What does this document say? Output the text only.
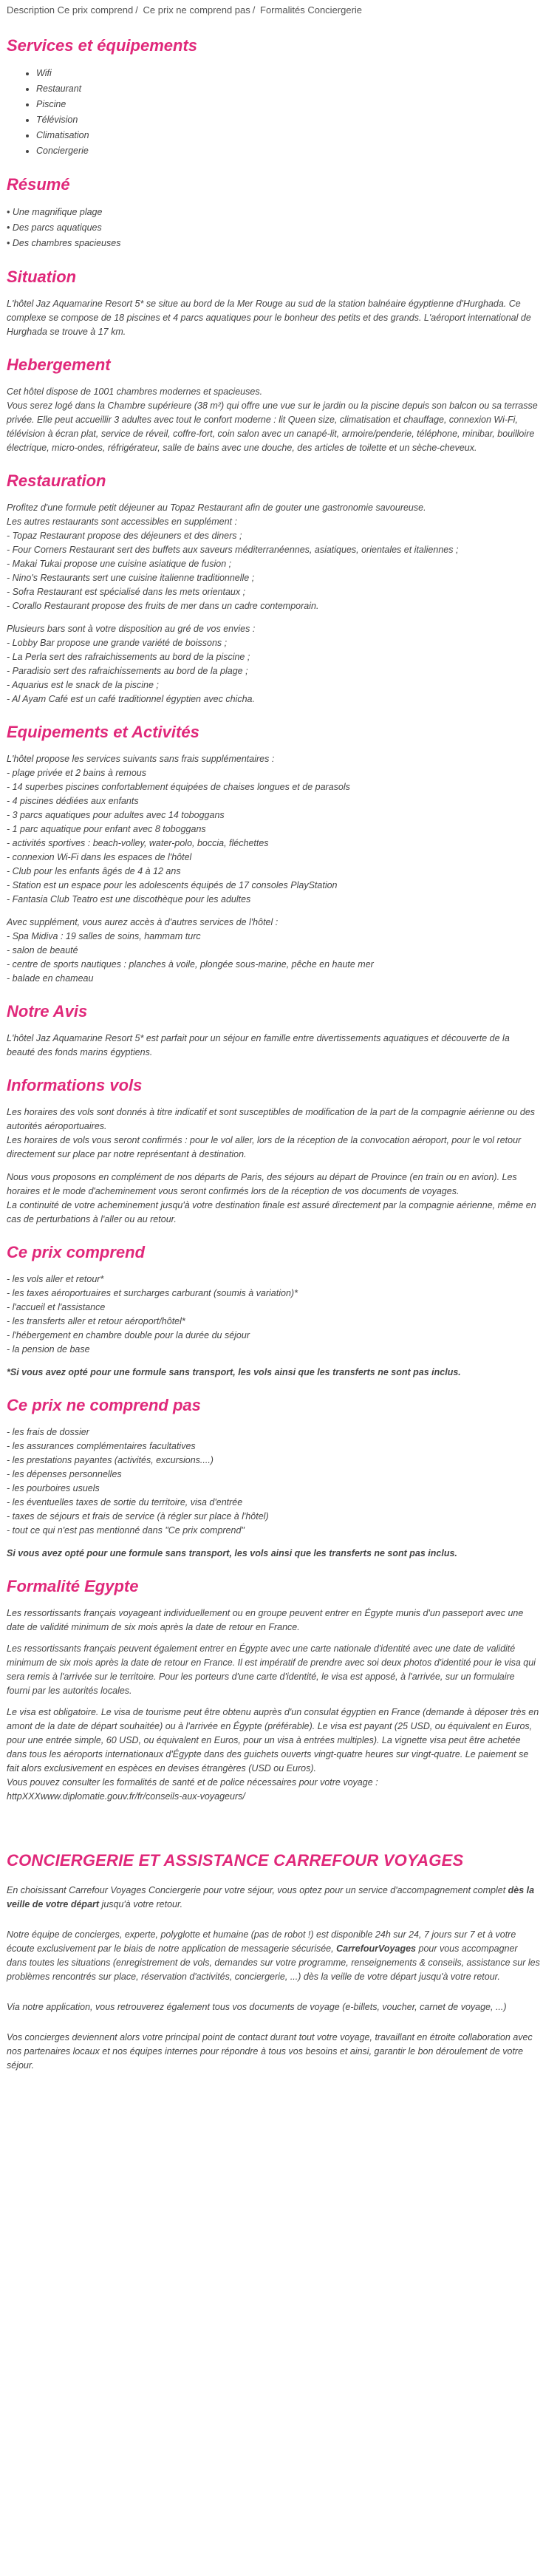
Description Ce prix comprend / Ce prix ne comprend pas / Formalités Conciergerie
Services et équipements
• Wifi
• Restaurant
• Piscine
• Télévision
• Climatisation
• Conciergerie
Résumé
• Une magnifique plage
• Des parcs aquatiques
• Des chambres spacieuses
Situation

L'hôtel Jaz Aquamarine Resort 5* se situe au bord de la Mer Rouge au sud de la station balnéaire égyptienne d'Hurghada. Ce complexe se compose de 18 piscines et 4 parcs aquatiques pour le bonheur des petits et des grands. L'aéroport international de Hurghada se trouve à 17 km.

Hebergement

Cet hôtel dispose de 1001 chambres modernes et spacieuses.

Vous serez logé dans la Chambre supérieure (38 m²) qui offre une vue sur le jardin ou la piscine depuis son balcon ou sa terrasse privée. Elle peut accueillir 3 adultes avec tout le confort moderne : lit Queen size, climatisation et chauffage, connexion Wi-Fi, télévision à écran plat, service de réveil, coffre-fort, coin salon avec un canapé-lit, armoire/penderie, téléphone, minibar, bouilloire électrique, micro-ondes, réfrigérateur, salle de bains avec une douche, des articles de toilette et un sèche-cheveux.

Restauration

Profitez d'une formule petit déjeuner au Topaz Restaurant afin de gouter une gastronomie savoureuse.

Les autres restaurants sont accessibles en supplément :

- Topaz Restaurant propose des déjeuners et des diners ;

- Four Corners Restaurant sert des buffets aux saveurs méditerranéennes, asiatiques, orientales et italiennes ;

- Makai Tukai propose une cuisine asiatique de fusion ;

- Nino's Restaurants sert une cuisine italienne traditionnelle ;

- Sofra Restaurant est spécialisé dans les mets orientaux ;

- Corallo Restaurant propose des fruits de mer dans un cadre contemporain.

Plusieurs bars sont à votre disposition au gré de vos envies :

- Lobby Bar propose une grande variété de boissons ;

- La Perla sert des rafraichissements au bord de la piscine ;

- Paradisio sert des rafraichissements au bord de la plage ;

- Aquarius est le snack de la piscine ;

- Al Ayam Café est un café traditionnel égyptien avec chicha.

Equipements et Activités

L'hôtel propose les services suivants sans frais supplémentaires :

- plage privée et 2 bains à remous

- 14 superbes piscines confortablement équipées de chaises longues et de parasols

- 4 piscines dédiées aux enfants

- 3 parcs aquatiques pour adultes avec 14 toboggans

- 1 parc aquatique pour enfant avec 8 toboggans

- activités sportives : beach-volley, water-polo, boccia, fléchettes

- connexion Wi-Fi dans les espaces de l'hôtel

- Club pour les enfants âgés de 4 à 12 ans

- Station est un espace pour les adolescents équipés de 17 consoles PlayStation

- Fantasia Club Teatro est une discothèque pour les adultes

Avec supplément, vous aurez accès à d'autres services de l'hôtel :

- Spa Midiva : 19 salles de soins, hammam turc

- salon de beauté

- centre de sports nautiques : planches à voile, plongée sous-marine, pêche en haute mer

- balade en chameau

Notre Avis

L'hôtel Jaz Aquamarine Resort 5* est parfait pour un séjour en famille entre divertissements aquatiques et découverte de la beauté des fonds marins égyptiens.

Informations vols

Les horaires des vols sont donnés à titre indicatif et sont susceptibles de modification de la part de la compagnie aérienne ou des autorités aéroportuaires.

Les horaires de vols vous seront confirmés : pour le vol aller, lors de la réception de la convocation aéroport, pour le vol retour directement sur place par notre représentant à destination.

Nous vous proposons en complément de nos départs de Paris, des séjours au départ de Province (en train ou en avion). Les horaires et le mode d'acheminement vous seront confirmés lors de la réception de vos documents de voyages.

La continuité de votre acheminement jusqu'à votre destination finale est assuré directement par la compagnie aérienne, même en cas de perturbations à l'aller ou au retour.

Ce prix comprend

- les vols aller et retour*

- les taxes aéroportuaires et surcharges carburant (soumis à variation)*

- l'accueil et l'assistance

- les transferts aller et retour aéroport/hôtel*

- l'hébergement en chambre double pour la durée du séjour

- la pension de base

*Si vous avez opté pour une formule sans transport, les vols ainsi que les transferts ne sont pas inclus.

Ce prix ne comprend pas

- les frais de dossier

- les assurances complémentaires facultatives

- les prestations payantes (activités, excursions....)

- les dépenses personnelles

- les pourboires usuels

- les éventuelles taxes de sortie du territoire, visa d'entrée

- taxes de séjours et frais de service (à régler sur place à l'hôtel)

- tout ce qui n'est pas mentionné dans "Ce prix comprend"

Si vous avez opté pour une formule sans transport, les vols ainsi que les transferts ne sont pas inclus.

Formalité Egypte

Les ressortissants français voyageant individuellement ou en groupe peuvent entrer en Égypte munis d'un passeport avec une date de validité minimum de six mois après la date de retour en France.

Les ressortissants français peuvent également entrer en Égypte avec une carte nationale d'identité avec une date de validité minimum de six mois après la date de retour en France. Il est impératif de prendre avec soi deux photos d'identité pour le visa qui sera remis à l'arrivée sur le territoire. Pour les porteurs d'une carte d'identité, le visa est apposé, à l'arrivée, sur un formulaire fourni par les autorités locales.

Le visa est obligatoire. Le visa de tourisme peut être obtenu auprès d'un consulat égyptien en France (demande à déposer très en amont de la date de départ souhaitée) ou à l'arrivée en Égypte (préférable). Le visa est payant (25 USD, ou équivalent en Euros, pour une entrée simple, 60 USD, ou équivalent en Euros, pour un visa à entrées multiples). La vignette visa peut être achetée dans tous les aéroports internationaux d'Égypte dans des guichets ouverts vingt-quatre heures sur vingt-quatre. Le paiement se fait alors exclusivement en espèces en devises étrangères (USD ou Euros).

Vous pouvez consulter les formalités de santé et de police nécessaires pour votre voyage :

httpXXXwww.diplomatie.gouv.fr/fr/conseils-aux-voyageurs/

CONCIERGERIE ET ASSISTANCE CARREFOUR VOYAGES

En choisissant Carrefour Voyages Conciergerie pour votre séjour, vous optez pour un service d'accompagnement complet dès la veille de votre départ jusqu'à votre retour.

Notre équipe de concierges, experte, polyglotte et humaine (pas de robot !) est disponible 24h sur 24, 7 jours sur 7 et à votre écoute exclusivement par le biais de notre application de messagerie sécurisée, CarrefourVoyages pour vous accompagner dans toutes les situations (enregistrement de vols, demandes sur votre programme, renseignements & conseils, assistance sur les problèmes rencontrés sur place, réservation d'activités, conciergerie, ...) dès la veille de votre départ jusqu'à votre retour.

Via notre application, vous retrouverez également tous vos documents de voyage (e-billets, voucher, carnet de voyage, ...)

Vos concierges deviennent alors votre principal point de contact durant tout votre voyage, travaillant en étroite collaboration avec nos partenaires locaux et nos équipes internes pour répondre à tous vos besoins et ainsi, garantir le bon déroulement de votre séjour.
